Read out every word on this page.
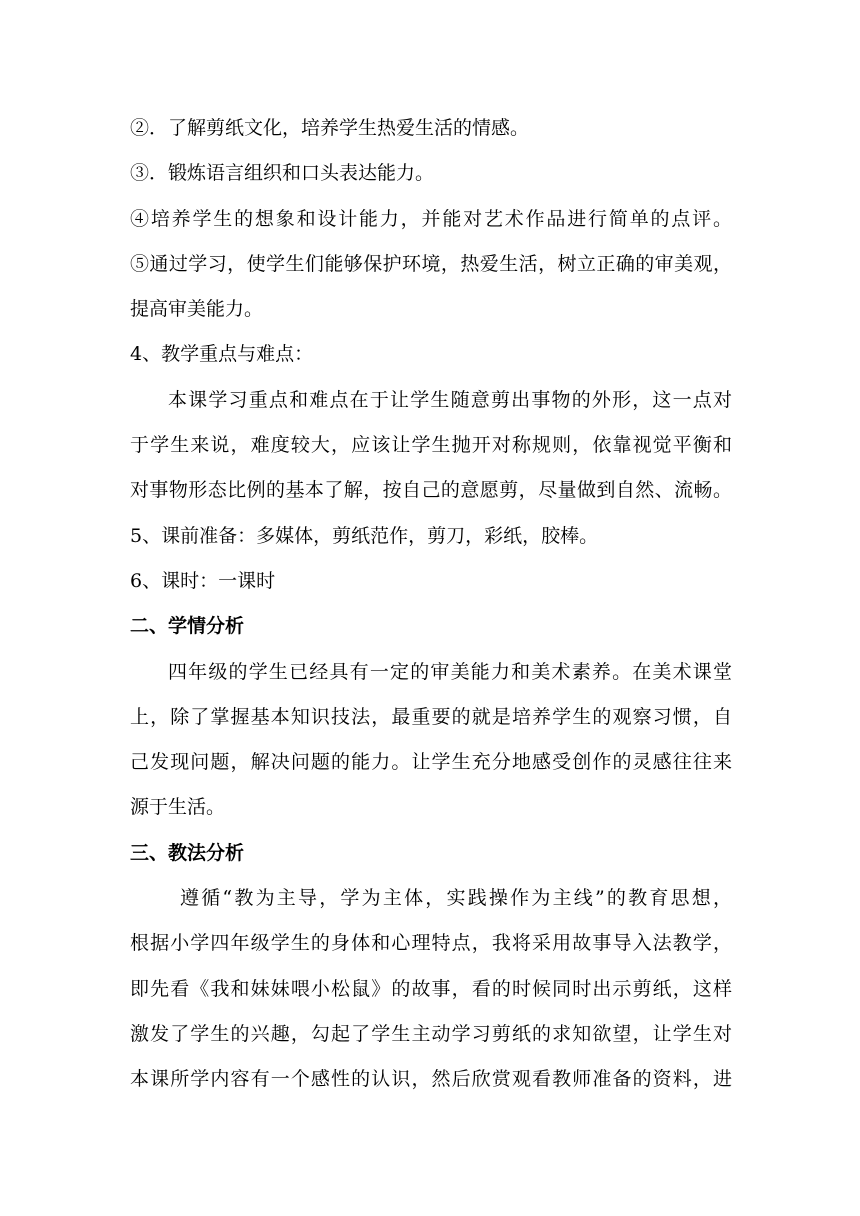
②．了解剪纸文化，培养学生热爱生活的情感。
③．锻炼语言组织和口头表达能力。
④培养学生的想象和设计能力，并能对艺术作品进行简单的点评。
⑤通过学习，使学生们能够保护环境，热爱生活，树立正确的审美观，
提高审美能力。
4、教学重点与难点：
本课学习重点和难点在于让学生随意剪出事物的外形，这一点对
于学生来说，难度较大，应该让学生抛开对称规则，依靠视觉平衡和
对事物形态比例的基本了解，按自己的意愿剪，尽量做到自然、流畅。
5、课前准备：多媒体，剪纸范作，剪刀，彩纸，胶棒。
6、课时：一课时
二、学情分析
四年级的学生已经具有一定的审美能力和美术素养。在美术课堂
上，除了掌握基本知识技法，最重要的就是培养学生的观察习惯，自
己发现问题，解决问题的能力。让学生充分地感受创作的灵感往往来
源于生活。
三、教法分析
遵循“教为主导，学为主体，实践操作为主线”的教育思想，
根据小学四年级学生的身体和心理特点，我将采用故事导入法教学，
即先看《我和妹妹喂小松鼠》的故事，看的时候同时出示剪纸，这样
激发了学生的兴趣，勾起了学生主动学习剪纸的求知欲望，让学生对
本课所学内容有一个感性的认识，然后欣赏观看教师准备的资料，进
